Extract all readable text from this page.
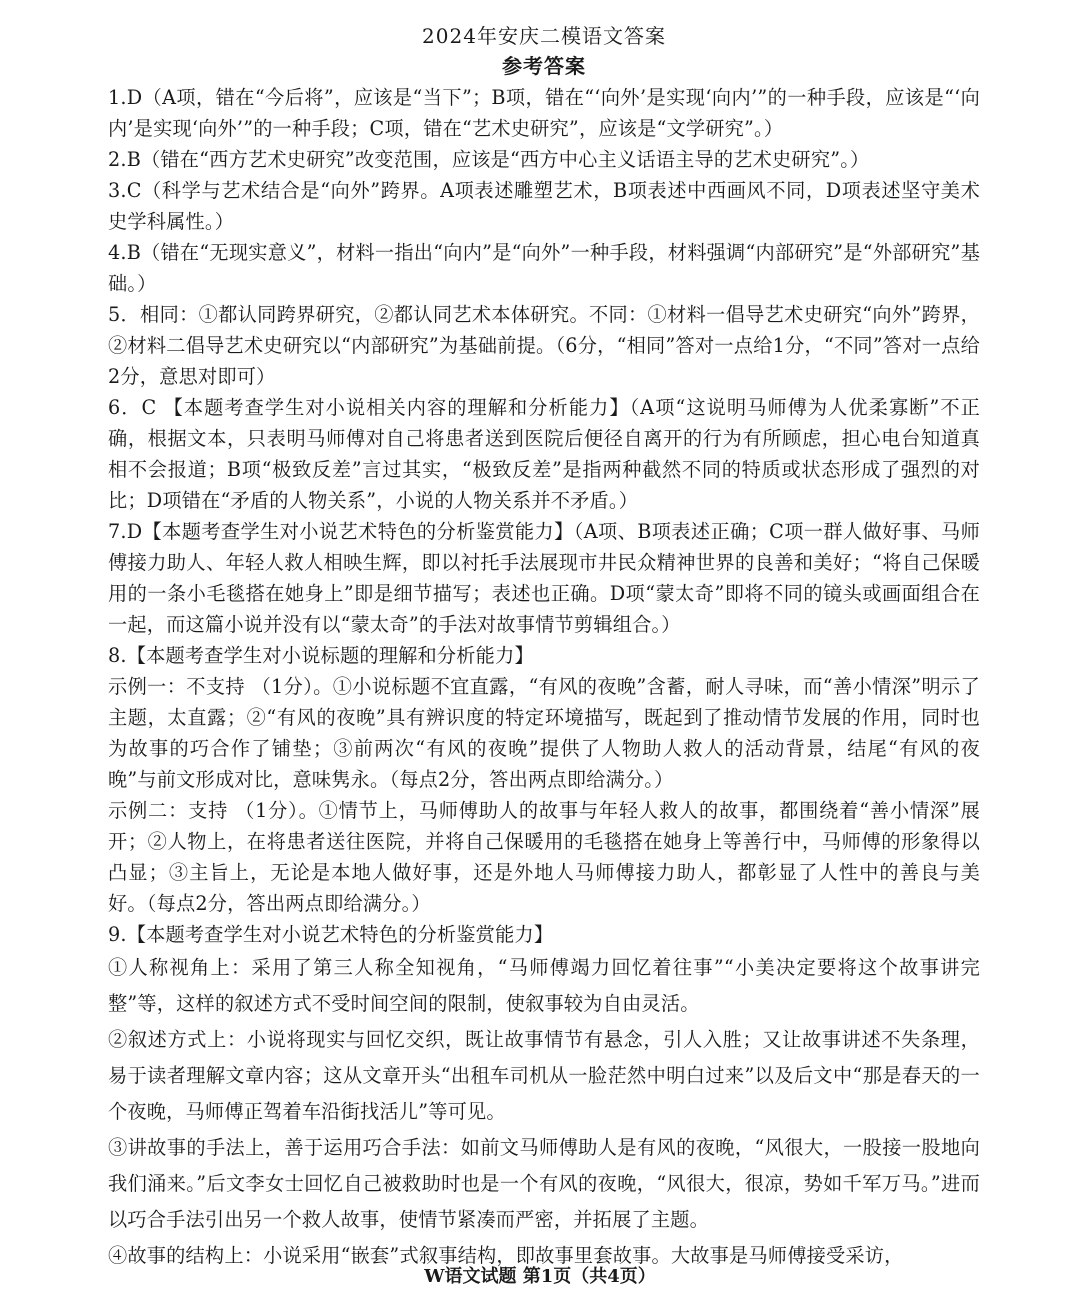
2024年安庆二模语文答案
参考答案

1.D（A项，错在“今后将”，应该是“当下”；B项，错在“‘向外’是实现‘向内’”的一种手段，应该是“‘向内’是实现‘向外’”的一种手段；C项，错在“艺术史研究”，应该是“文学研究”。）

2.B（错在“西方艺术史研究”改变范围，应该是“西方中心主义话语主导的艺术史研究”。）

3.C（科学与艺术结合是“向外”跨界。A项表述雕塑艺术，B项表述中西画风不同，D项表述坚守美术史学科属性。）

4.B（错在“无现实意义”，材料一指出“向内”是“向外”一种手段，材料强调“内部研究”是“外部研究”基础。）

5．相同：①都认同跨界研究，②都认同艺术本体研究。不同：①材料一倡导艺术史研究“向外”跨界，②材料二倡导艺术史研究以“内部研究”为基础前提。（6分，“相同”答对一点给1分，“不同”答对一点给2分，意思对即可）

6．C 【本题考查学生对小说相关内容的理解和分析能力】（A项“这说明马师傅为人优柔寡断”不正确，根据文本，只表明马师傅对自己将患者送到医院后便径自离开的行为有所顾虑，担心电台知道真相不会报道；B项“极致反差”言过其实，“极致反差”是指两种截然不同的特质或状态形成了强烈的对比；D项错在“矛盾的人物关系”，小说的人物关系并不矛盾。）

7.D【本题考查学生对小说艺术特色的分析鉴赏能力】（A项、B项表述正确；C项一群人做好事、马师傅接力助人、年轻人救人相映生辉，即以衬托手法展现市井民众精神世界的良善和美好；“将自己保暖用的一条小毛毯搭在她身上”即是细节描写；表述也正确。D项“蒙太奇”即将不同的镜头或画面组合在一起，而这篇小说并没有以“蒙太奇”的手法对故事情节剪辑组合。）

8.【本题考查学生对小说标题的理解和分析能力】

示例一：不支持 （1分）。①小说标题不宜直露，“有风的夜晚”含蓄，耐人寻味，而“善小情深”明示了主题，太直露；②“有风的夜晚”具有辨识度的特定环境描写，既起到了推动情节发展的作用，同时也为故事的巧合作了铺垫；③前两次“有风的夜晚”提供了人物助人救人的活动背景，结尾“有风的夜晚”与前文形成对比，意味隽永。（每点2分，答出两点即给满分。）

示例二：支持 （1分）。①情节上，马师傅助人的故事与年轻人救人的故事，都围绕着“善小情深”展开；②人物上，在将患者送往医院，并将自己保暖用的毛毯搭在她身上等善行中，马师傅的形象得以凸显；③主旨上，无论是本地人做好事，还是外地人马师傅接力助人，都彰显了人性中的善良与美好。（每点2分，答出两点即给满分。）

9.【本题考查学生对小说艺术特色的分析鉴赏能力】

①人称视角上：采用了第三人称全知视角，“马师傅竭力回忆着往事”“小美决定要将这个故事讲完整”等，这样的叙述方式不受时间空间的限制，使叙事较为自由灵活。

②叙述方式上：小说将现实与回忆交织，既让故事情节有悬念，引人入胜；又让故事讲述不失条理，易于读者理解文章内容；这从文章开头“出租车司机从一脸茫然中明白过来”以及后文中“那是春天的一个夜晚，马师傅正驾着车沿街找活儿”等可见。

③讲故事的手法上，善于运用巧合手法：如前文马师傅助人是有风的夜晚，“风很大，一股接一股地向我们涌来。”后文李女士回忆自己被救助时也是一个有风的夜晚，“风很大，很凉，势如千军万马。”进而以巧合手法引出另一个救人故事，使情节紧凑而严密，并拓展了主题。

④故事的结构上：小说采用“嵌套”式叙事结构，即故事里套故事。大故事是马师傅接受采访，

W语文试题 第1页（共4页）
